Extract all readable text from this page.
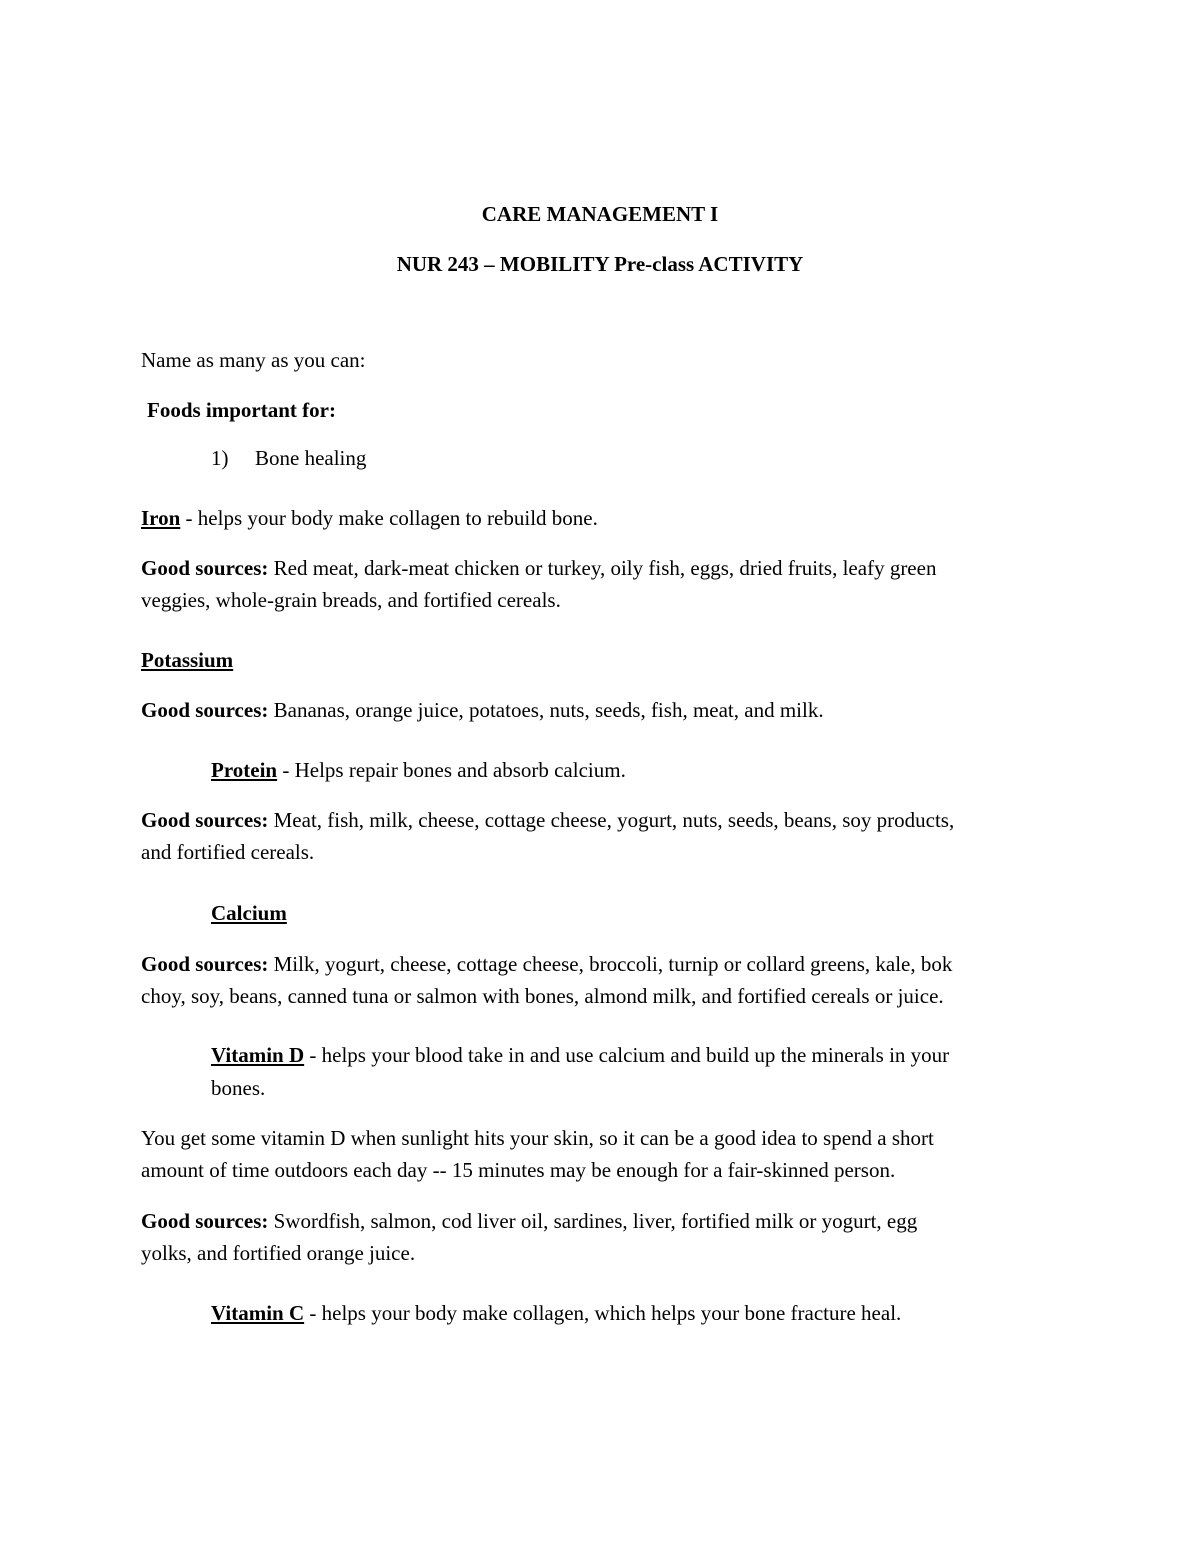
CARE MANAGEMENT I
NUR 243 – MOBILITY Pre-class ACTIVITY
Name as many as you can:
Foods important for:
1) Bone healing
Iron - helps your body make collagen to rebuild bone.
Good sources: Red meat, dark-meat chicken or turkey, oily fish, eggs, dried fruits, leafy green
veggies, whole-grain breads, and fortified cereals.
Potassium
Good sources: Bananas, orange juice, potatoes, nuts, seeds, fish, meat, and milk.
Protein - Helps repair bones and absorb calcium.
Good sources: Meat, fish, milk, cheese, cottage cheese, yogurt, nuts, seeds, beans, soy products,
and fortified cereals.
Calcium
Good sources: Milk, yogurt, cheese, cottage cheese, broccoli, turnip or collard greens, kale, bok
choy, soy, beans, canned tuna or salmon with bones, almond milk, and fortified cereals or juice.
Vitamin D - helps your blood take in and use calcium and build up the minerals in your
bones.
You get some vitamin D when sunlight hits your skin, so it can be a good idea to spend a short
amount of time outdoors each day -- 15 minutes may be enough for a fair-skinned person.
Good sources: Swordfish, salmon, cod liver oil, sardines, liver, fortified milk or yogurt, egg
yolks, and fortified orange juice.
Vitamin C - helps your body make collagen, which helps your bone fracture heal.
